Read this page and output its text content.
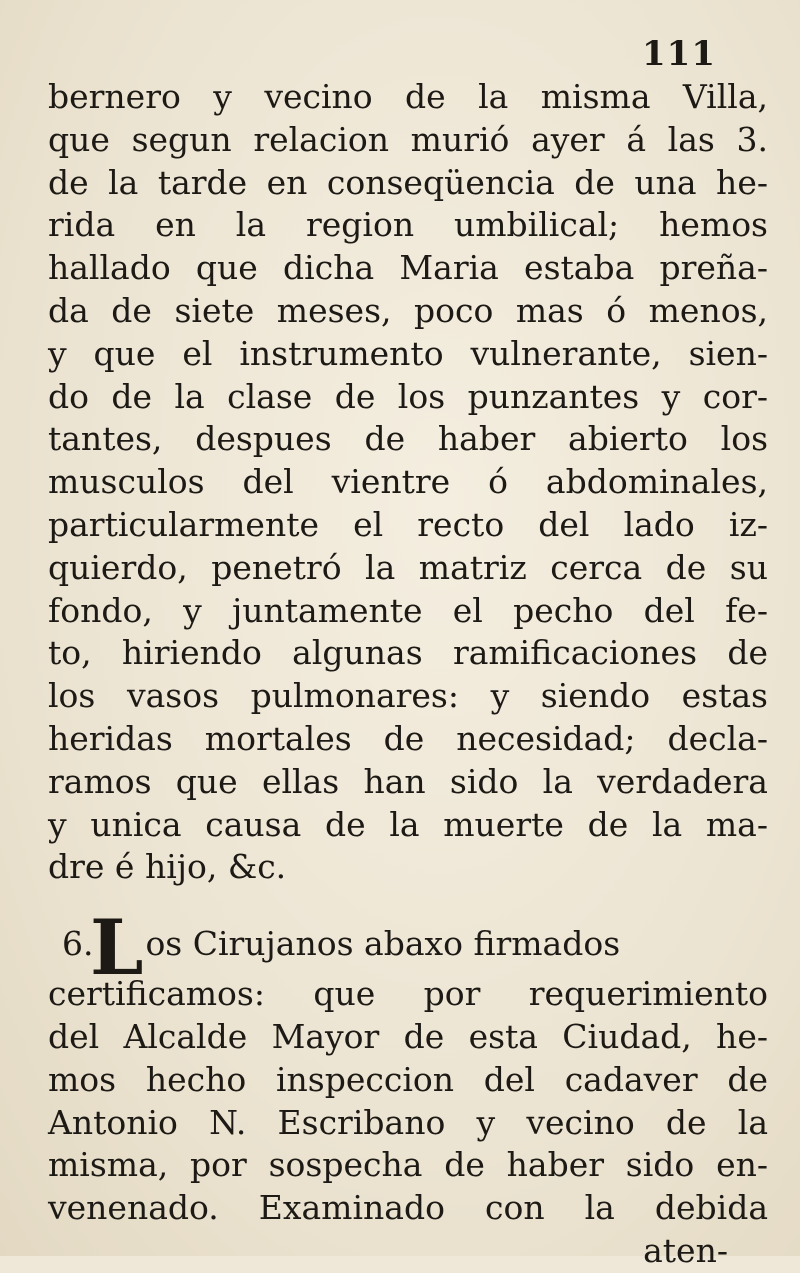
111
bernero y vecino de la misma Villa,
que segun relacion murió ayer á las 3.
de la tarde en conseqüencia de una he-
rida en la region umbilical; hemos
hallado que dicha Maria estaba preña-
da de siete meses, poco mas ó menos,
y que el instrumento vulnerante, sien-
do de la clase de los punzantes y cor-
tantes, despues de haber abierto los
musculos del vientre ó abdominales,
particularmente el recto del lado iz-
quierdo, penetró la matriz cerca de su
fondo, y juntamente el pecho del fe-
to, hiriendo algunas ramificaciones de
los vasos pulmonares: y siendo estas
heridas mortales de necesidad; decla-
ramos que ellas han sido la verdadera
y unica causa de la muerte de la ma-
dre é hijo, &c.
6.Los Cirujanos abaxo firmados
certificamos: que por requerimiento
del Alcalde Mayor de esta Ciudad, he-
mos hecho inspeccion del cadaver de
Antonio N. Escribano y vecino de la
misma, por sospecha de haber sido en-
venenado. Examinado con la debida
aten-
